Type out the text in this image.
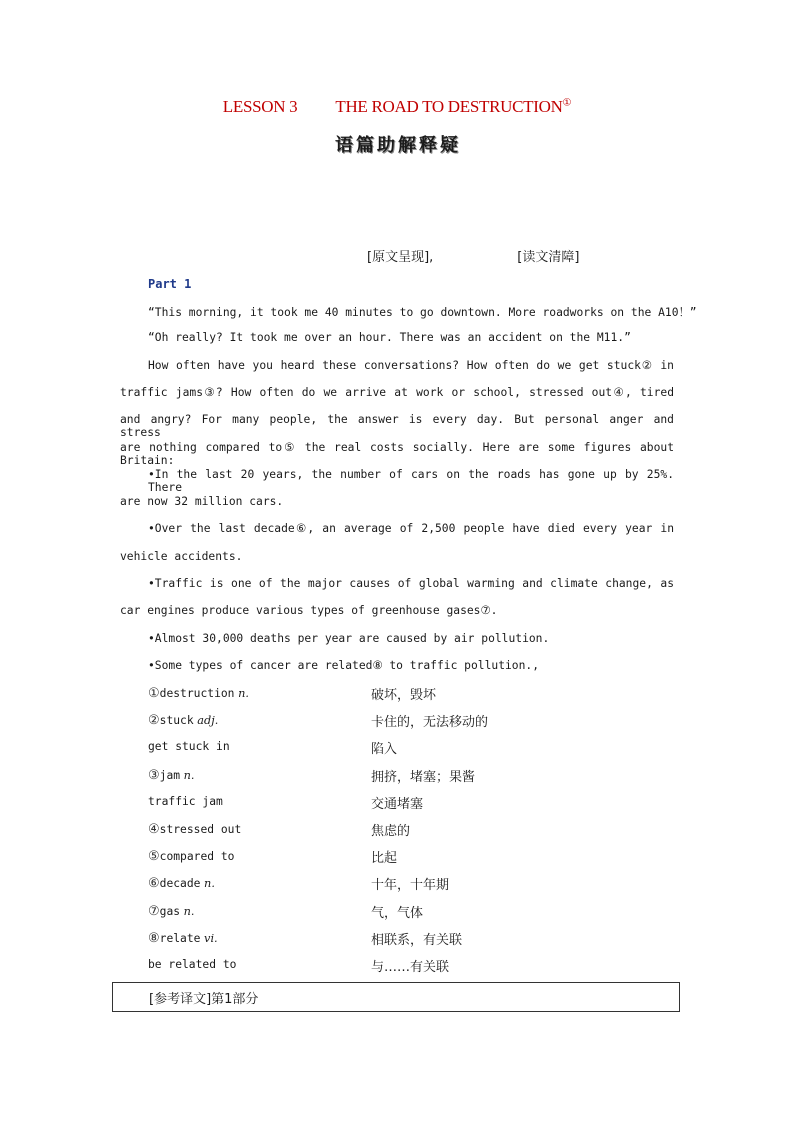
LESSON 3 THE ROAD TO DESTRUCTION①
语 篇 助 解 释 疑
[原文呈现],	[读文清障]
Part 1
“This morning, it took me 40 minutes to go downtown. More roadworks on the A10！”
“Oh really? It took me over an hour. There was an accident on the M11.”
How often have you heard these conversations? How often do we get stuck② in
traffic jams③? How often do we arrive at work or school, stressed out④, tired
and angry? For many people, the answer is every day. But personal anger and stress
are nothing compared to⑤ the real costs socially. Here are some figures about Britain:
•In the last 20 years, the number of cars on the roads has gone up by 25%. There
are now 32 million cars.
•Over the last decade⑥, an average of 2,500 people have died every year in
vehicle accidents.
•Traffic is one of the major causes of global warming and climate change, as
car engines produce various types of greenhouse gases⑦.
•Almost 30,000 deaths per year are caused by air pollution.
•Some types of cancer are related⑧ to traffic pollution.,
①destruction n.	破坏，毁坏
②stuck adj.	卡住的，无法移动的
get stuck in	陷入
③jam n.	拥挤，堵塞；果酱
traffic jam	交通堵塞
④stressed out	焦虑的
⑤compared to	比起
⑥decade n.	十年，十年期
⑦gas n.	气，气体
⑧relate vi.	相联系，有关联
be related to	与……有关联
[参考译文]第1部分
